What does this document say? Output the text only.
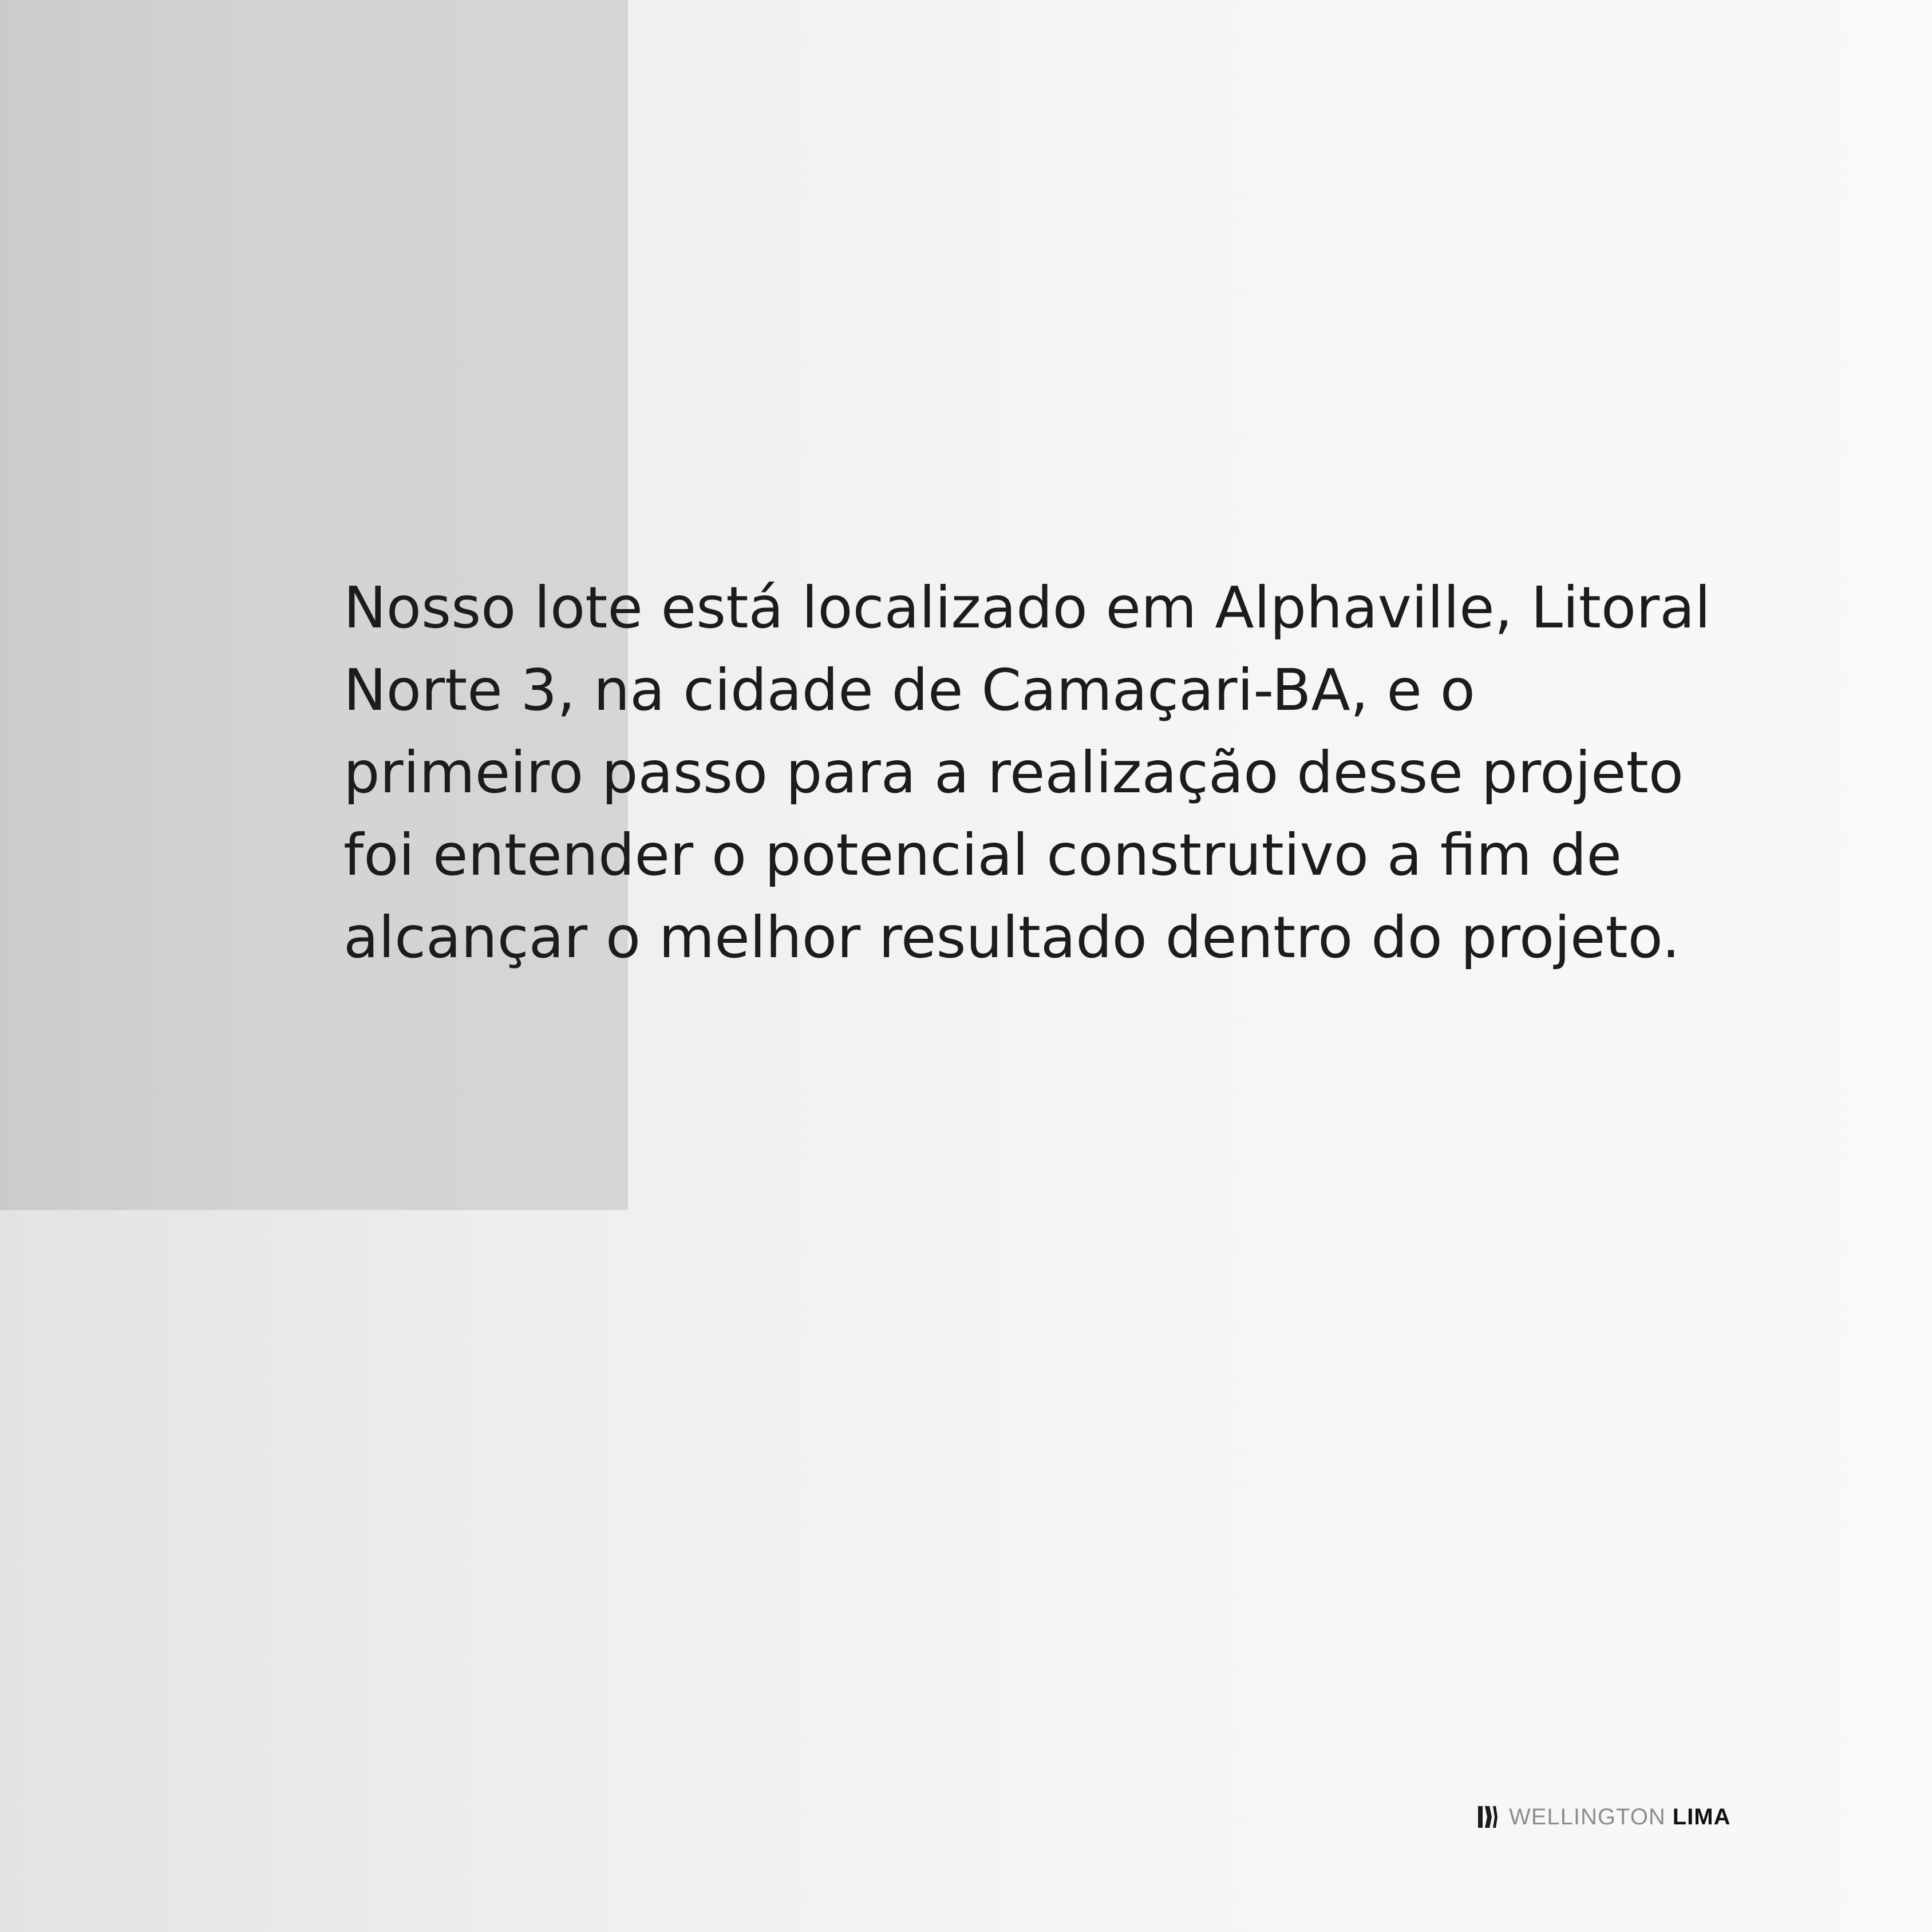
Nosso lote está localizado em Alphaville, Litoral
Norte 3, na cidade de Camaçari-BA, e o
primeiro passo para a realização desse projeto
foi entender o potencial construtivo a fim de
alcançar o melhor resultado dentro do projeto.

WELLINGTON LIMA
